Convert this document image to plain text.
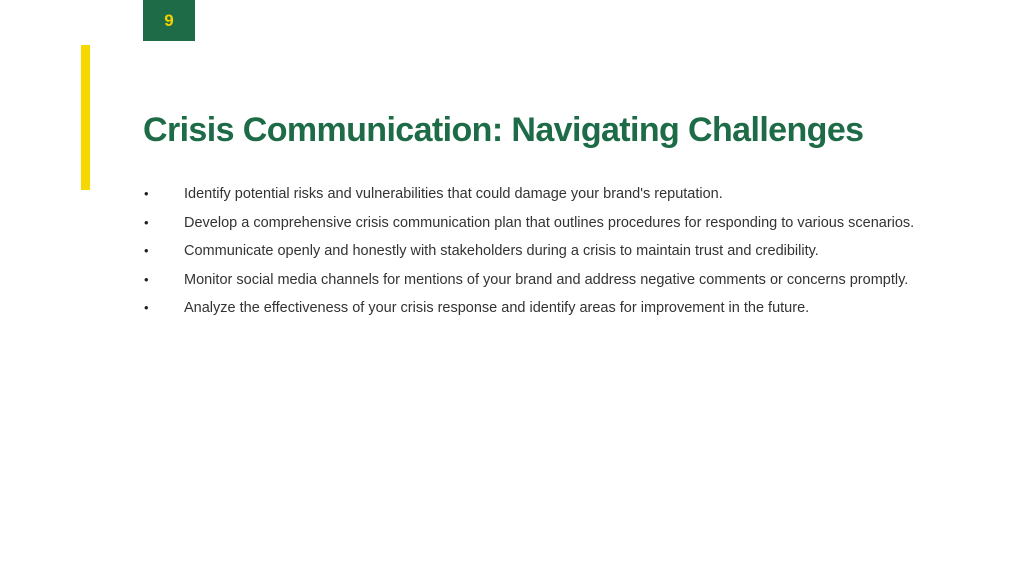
9
Crisis Communication: Navigating Challenges
• Identify potential risks and vulnerabilities that could damage your brand's reputation.
• Develop a comprehensive crisis communication plan that outlines procedures for responding to various scenarios.
• Communicate openly and honestly with stakeholders during a crisis to maintain trust and credibility.
• Monitor social media channels for mentions of your brand and address negative comments or concerns promptly.
• Analyze the effectiveness of your crisis response and identify areas for improvement in the future.
